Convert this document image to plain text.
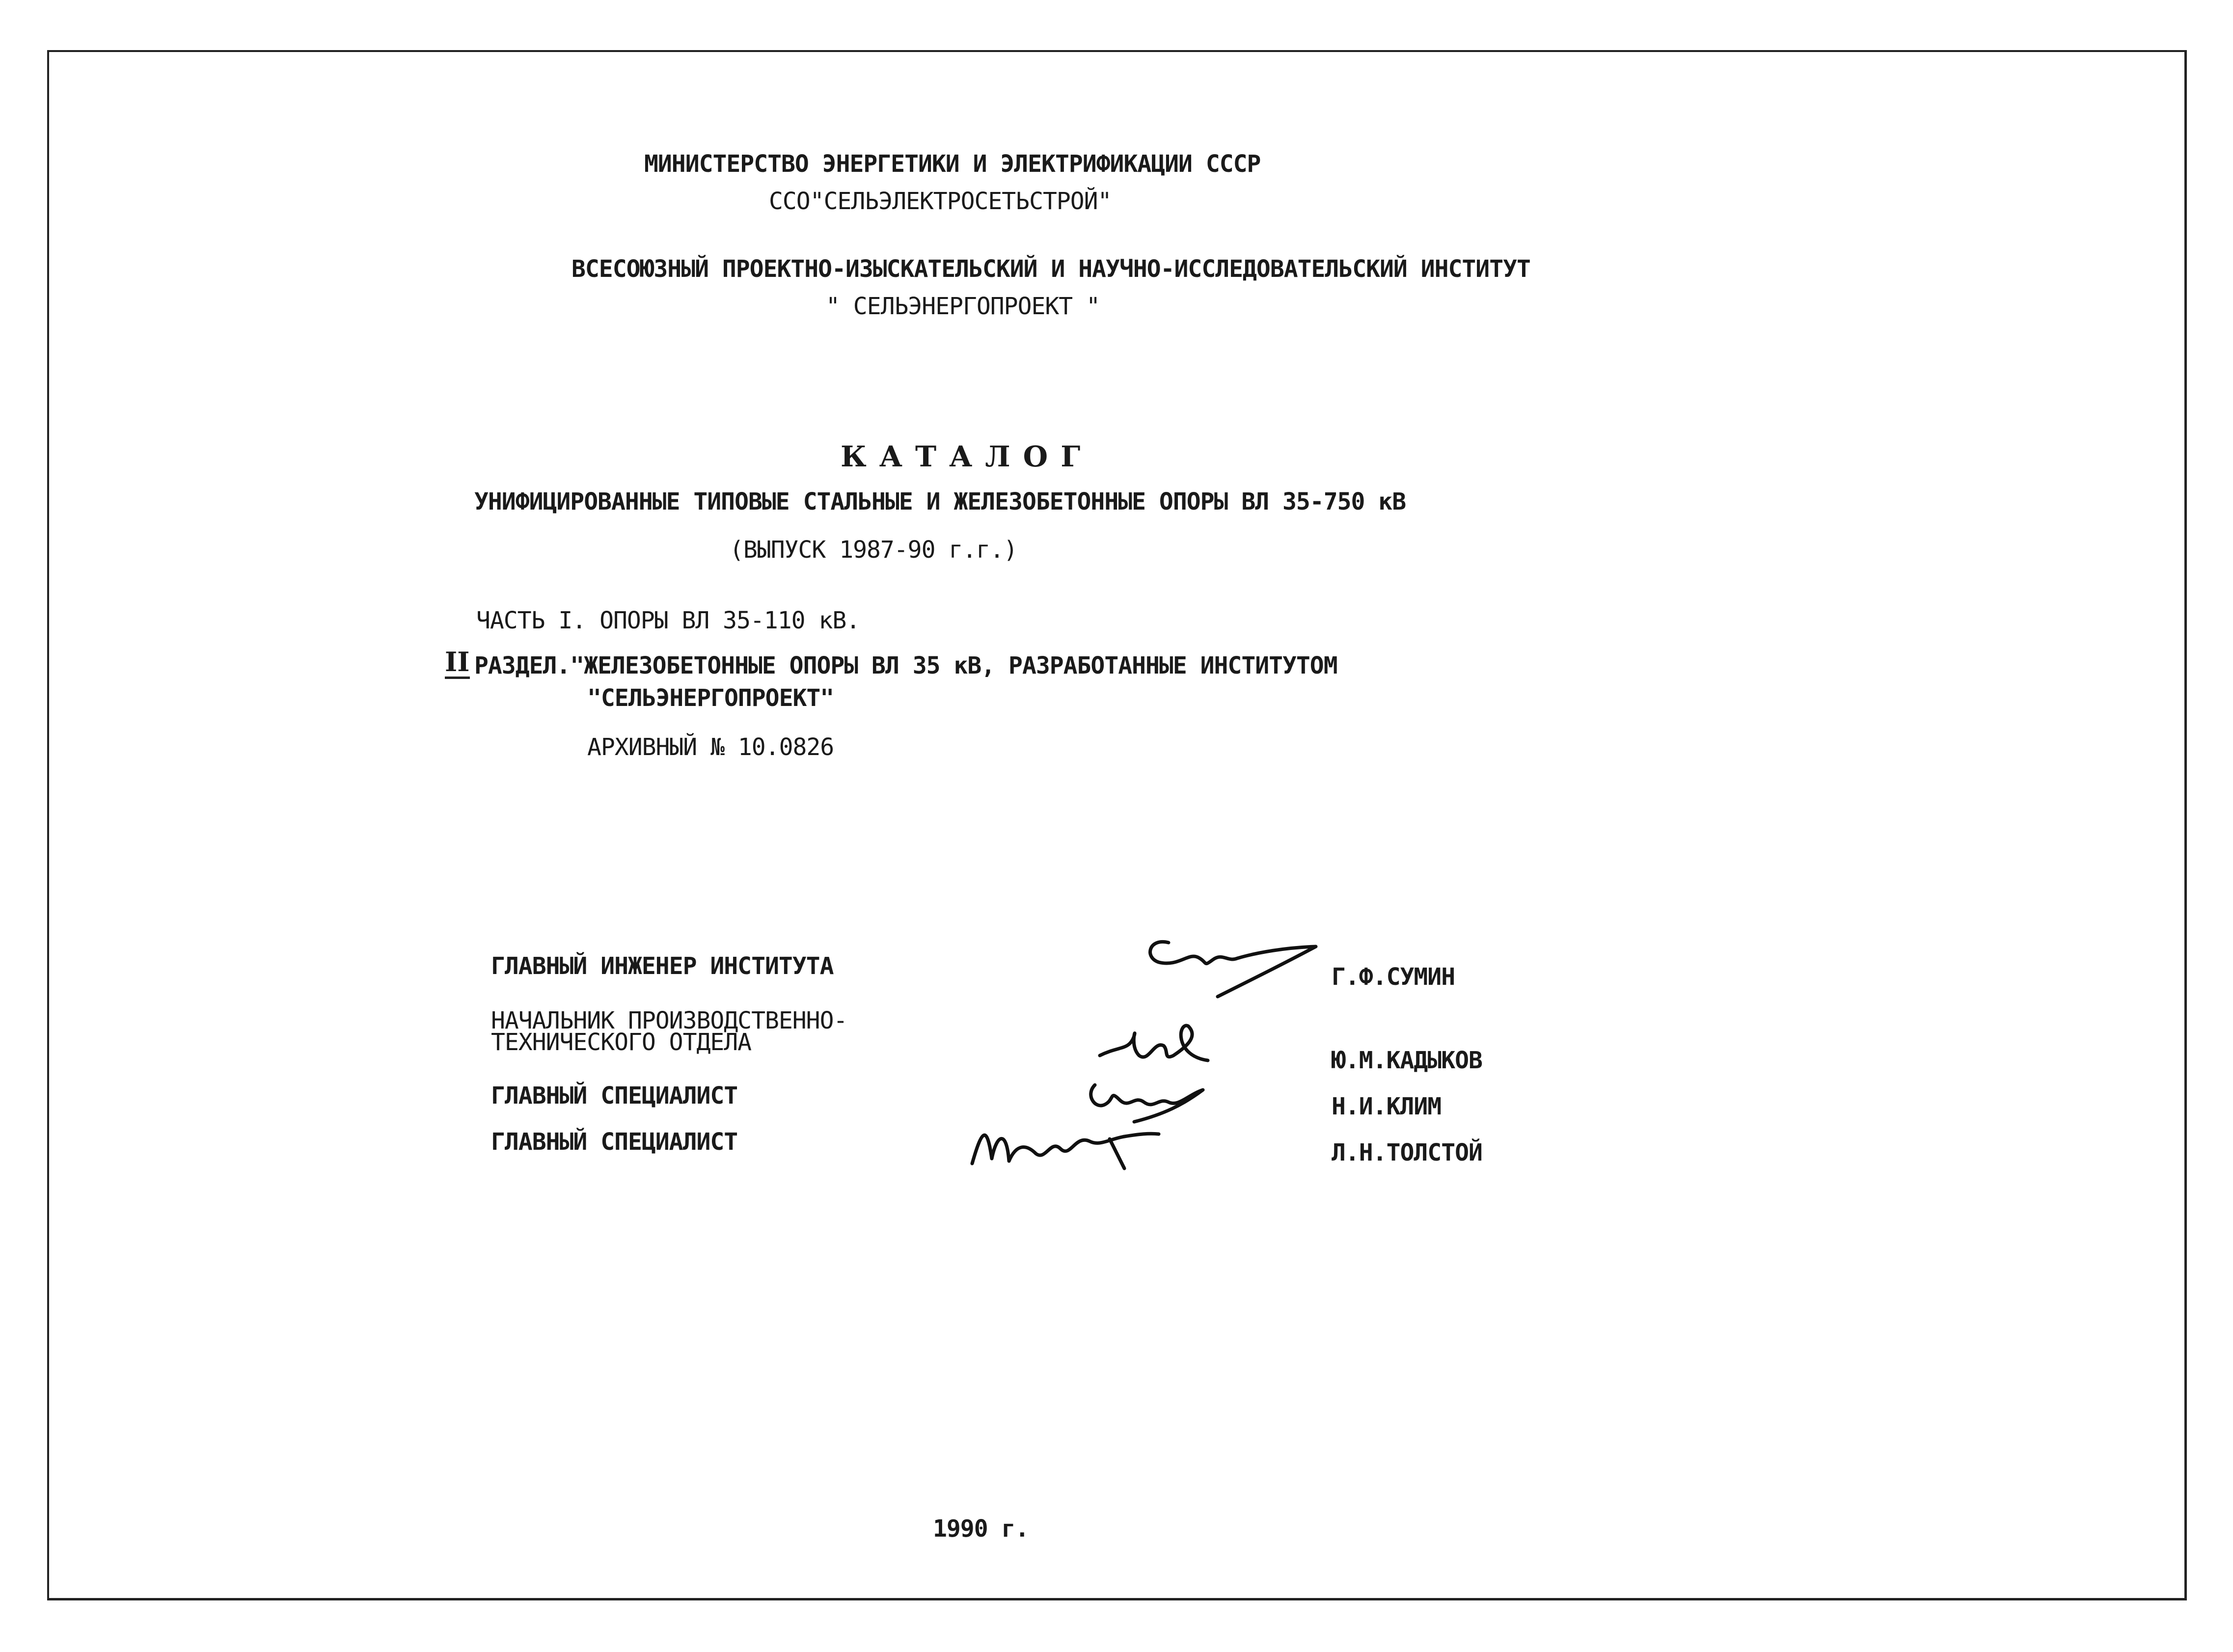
МИНИСТЕРСТВО ЭНЕРГЕТИКИ И ЭЛЕКТРИФИКАЦИИ СССР
ССО"СЕЛЬЭЛЕКТРОСЕТЬСТРОЙ"
ВСЕСОЮЗНЫЙ ПРОЕКТНО-ИЗЫСКАТЕЛЬСКИЙ И НАУЧНО-ИССЛЕДОВАТЕЛЬСКИЙ ИНСТИТУТ
" СЕЛЬЭНЕРГОПРОЕКТ "
КАТАЛОГ
УНИФИЦИРОВАННЫЕ ТИПОВЫЕ СТАЛЬНЫЕ И ЖЕЛЕЗОБЕТОННЫЕ ОПОРЫ ВЛ 35-750 кВ
(ВЫПУСК 1987-90 г.г.)
ЧАСТЬ I. ОПОРЫ ВЛ 35-110 кВ.
II РАЗДЕЛ."ЖЕЛЕЗОБЕТОННЫЕ ОПОРЫ ВЛ 35 кВ, РАЗРАБОТАННЫЕ ИНСТИТУТОМ
"СЕЛЬЭНЕРГОПРОЕКТ"
АРХИВНЫЙ № 10.0826
ГЛАВНЫЙ ИНЖЕНЕР ИНСТИТУТА
НАЧАЛЬНИК ПРОИЗВОДСТВЕННО-
ТЕХНИЧЕСКОГО ОТДЕЛА
ГЛАВНЫЙ СПЕЦИАЛИСТ
ГЛАВНЫЙ СПЕЦИАЛИСТ
Г.Ф.СУМИН
Ю.М.КАДЫКОВ
Н.И.КЛИМ
Л.Н.ТОЛСТОЙ
1990 г.
